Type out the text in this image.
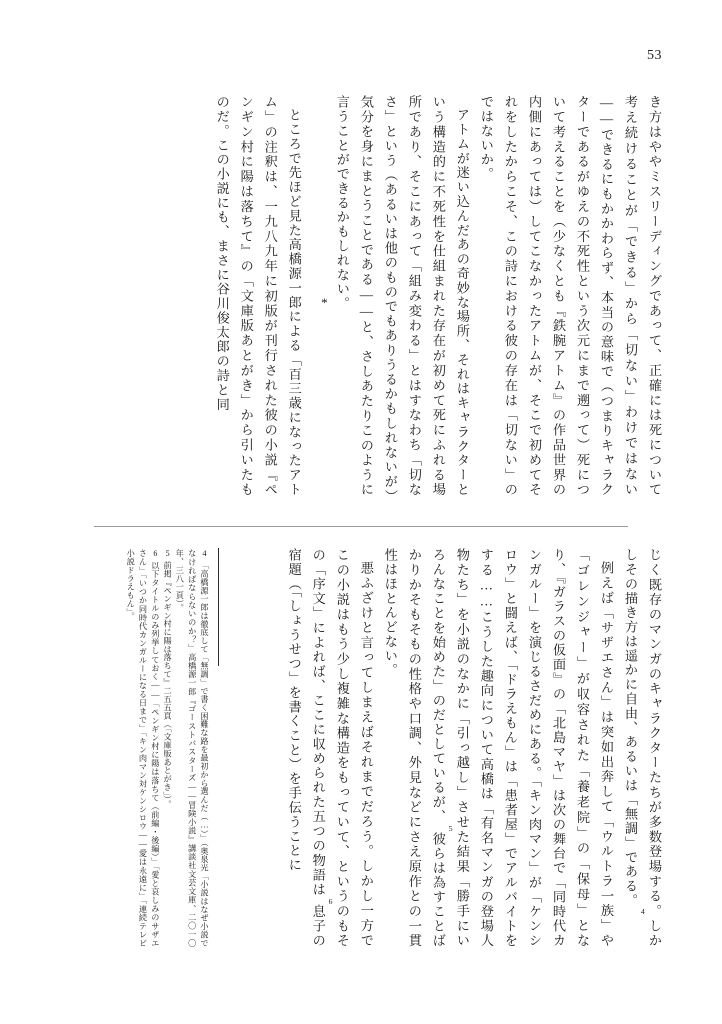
53

き方はややミスリーディングであって、正確には死について考え続けることが「できる」から「切ない」わけではない――できるにもかかわらず、本当の意味で（つまりキャラクターであるがゆえの不死性という次元にまで遡って）死について考えることを（少なくとも『鉄腕アトム』の作品世界の内側にあっては）してこなかったアトムが、そこで初めてそれをしたからこそ、この詩における彼の存在は「切ない」のではないか。

アトムが迷い込んだあの奇妙な場所、それはキャラクターという構造的に不死性を仕組まれた存在が初めて死にふれる場所であり、そこにあって「組み変わる」とはすなわち「切なさ」という（あるいは他のものでもありうるかもしれないが）気分を身にまとうことである――と、さしあたりこのように言うことができるかもしれない。

*

ところで先ほど見た高橋源一郎による「百三歳になったアトム」の注釈は、一九八九年に初版が刊行された彼の小説『ペンギン村に陽は落ちて』の「文庫版あとがき」から引いたものだ。この小説にも、まさに谷川俊太郎の詩と同

じく既存のマンガのキャラクターたちが多数登場する。しかしその描き方は遥かに自由、あるいは「無調」である。4

例えば「サザエさん」は突如出奔して「ウルトラ一族」や「ゴレンジャー」が収容された「養老院」の「保母」となり、『ガラスの仮面』の「北島マヤ」は次の舞台で「同時代カンガルー」を演じるさだめにある。「キン肉マン」が「ケンシロウ」と闘えば、「ドラえもん」は「患者屋」でアルバイトをする……こうした趣向について高橋は「有名マンガの登場人物たち」を小説のなかに「引っ越し」させた結果「勝手にいろんなことを始めた」のだとしているが、5彼らは為すことばかりかそもそもの性格や口調、外見などにさえ原作との一貫性はほとんどない。

悪ふざけと言ってしまえばそれまでだろう。しかし一方でこの小説はもう少し複雑な構造をもっていて、というのもその「序文」によれば、ここに収められた五つの物語は6息子の宿題（「しょうせつ」を書くこと）を手伝うことに

4「高橋源一郎は徹底して「無調」で書く困難な路を最初から選んだ（…）」（奥泉光「小説はなぜ小説でなければならないのか？」高橋源一郎『ゴーストバスターズ――冒険小説』講談社文芸文庫、二〇一〇年、三八一頁）。

5前掲『ペンギン村に陽は落ちて』二五五頁（「文庫版あとがき」）。

6以下タイトルのみ列挙しておく――「ペンギン村に陽は落ちて（前編・後編）」「愛と哀しみのサザエさん」「いつか同時代カンガルーになる日まで」「キン肉マン対ケンシロウ――愛は永遠に」「連続テレビ小説ドラえもん」。
